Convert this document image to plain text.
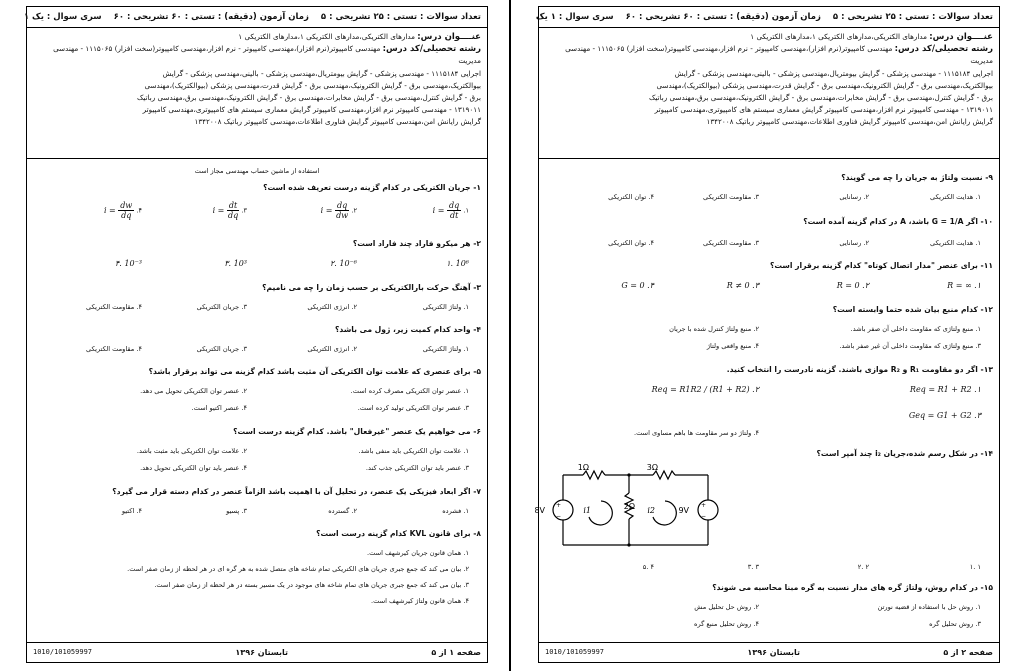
تعداد سوالات : تستی : ۲۵ تشریحی : ۵
زمان آزمون (دقیقه) : تستی : ۶۰ تشریحی : ۶۰
سری سوال : یک ۱
عنــــوان درس: مدارهای الکتریکی،مدارهای الکتریکی ۱،مدارهای الکتریکی ۱
رشته تحصیلی/کد درس: مهندسی کامپیوتر(نرم افزار)،مهندسی کامپیوتر - نرم افزار،مهندسی کامپیوتر(سخت افزار) ۱۱۱۵۰۶۵ - مهندسی مدیریت
اجرایی ۱۱۱۵۱۸۴ - مهندسی پزشکی - گرایش بیومتریال،مهندسی پزشکی - بالینی،مهندسی پزشکی - گرایش
بیوالکتریک،مهندسی برق - گرایش الکترونیک،مهندسی برق - گرایش قدرت،مهندسی پزشکی (بیوالکتریک)،مهندسی
برق - گرایش کنترل،مهندسی برق - گرایش مخابرات،مهندسی برق - گرایش الکترونیک،مهندسی برق،مهندسی رباتیک
۱۳۱۹۰۱۱ - مهندسی کامپیوتر نرم افزار،مهندسی کامپیوتر گرایش معماری سیستم های کامپیوتری،مهندسی کامپیوتر
گرایش رایانش امن،مهندسی کامپیوتر گرایش فناوری اطلاعات،مهندسی کامپیوتر رباتیک ۱۳۴۲۰۰۸
استفاده از ماشین حساب مهندسی مجاز است
۱- جریان الکتریکی در کدام گزینه درست تعریف شده است؟
$i = \frac{dq}{dt}$ .۱
$i = \frac{dq}{dw}$ .۲
$i = \frac{dt}{dq}$ .۳
$i = \frac{dw}{dq}$ .۴
۲- هر میکرو فاراد چند فاراد است؟
10⁶ .۱
10⁻⁶ .۲
10³ .۳
10⁻³ .۴
۳- آهنگ حرکت بارالکتریکی بر حسب زمان را چه می نامیم؟
۱. ولتاژ الکتریکی
۲. انرژی الکتریکی
۳. جریان الکتریکی
۴. مقاومت الکتریکی
۴- واحد کدام کمیت زیر، ژول می باشد؟
۱. ولتاژ الکتریکی
۲. انرژی الکتریکی
۳. جریان الکتریکی
۴. مقاومت الکتریکی
۵- برای عنصری که علامت توان الکتریکی آن مثبت باشد کدام گزینه می تواند برقرار باشد؟
۱. عنصر توان الکتریکی مصرف کرده است.
۲. عنصر توان الکتریکی تحویل می دهد.
۳. عنصر توان الکتریکی تولید کرده است.
۴. عنصر اکتیو است.
۶- می خواهیم یک عنصر "غیرفعال" باشد. کدام گزینه درست است؟
۱. علامت توان الکتریکی باید منفی باشد.
۲. علامت توان الکتریکی باید مثبت باشد.
۳. عنصر باید توان الکتریکی جذب کند.
۴. عنصر باید توان الکتریکی تحویل دهد.
۷- اگر ابعاد فیزیکی یک عنصر، در تحلیل آن با اهمیت باشد الزاماً عنصر در کدام دسته قرار می گیرد؟
۱. فشرده
۲. گسترده
۳. پسیو
۴. اکتیو
۸- برای قانون KVL کدام گزینه درست است؟
۱. همان قانون جریان کیرشهف است.
۲. بیان می کند که جمع جبری جریان های الکتریکی تمام شاخه های متصل شده به هر گره ای در هر لحظه از زمان صفر است.
۳. بیان می کند که جمع جبری جریان های تمام شاخه های موجود در یک مسیر بسته در هر لحظه از زمان صفر است.
۴. همان قانون ولتاژ کیرشهف است.
صفحه ۱ از ۵
تابستان ۱۳۹۶
1010/101059997
تعداد سوالات : تستی : ۲۵ تشریحی : ۵
زمان آزمون (دقیقه) : تستی : ۶۰ تشریحی : ۶۰
سری سوال : ۱ یک
عنــــوان درس: مدارهای الکتریکی،مدارهای الکتریکی ۱،مدارهای الکتریکی ۱
رشته تحصیلی/کد درس: مهندسی کامپیوتر(نرم افزار)،مهندسی کامپیوتر - نرم افزار،مهندسی کامپیوتر(سخت افزار) ۱۱۱۵۰۶۵ - مهندسی مدیریت
اجرایی ۱۱۱۵۱۸۴ - مهندسی پزشکی - گرایش بیومتریال،مهندسی پزشکی - بالینی،مهندسی پزشکی - گرایش
بیوالکتریک،مهندسی برق - گرایش الکترونیک،مهندسی برق - گرایش قدرت،مهندسی پزشکی (بیوالکتریک)،مهندسی
برق - گرایش کنترل،مهندسی برق - گرایش مخابرات،مهندسی برق - گرایش الکترونیک،مهندسی برق،مهندسی رباتیک
۱۳۱۹۰۱۱ - مهندسی کامپیوتر نرم افزار،مهندسی کامپیوتر گرایش معماری سیستم های کامپیوتری،مهندسی کامپیوتر
گرایش رایانش امن،مهندسی کامپیوتر گرایش فناوری اطلاعات،مهندسی کامپیوتر رباتیک ۱۳۴۲۰۰۸
۹- نسبت ولتاژ به جریان را چه می گویند؟
۱. هدایت الکتریکی
۲. رسانایی
۳. مقاومت الکتریکی
۴. توان الکتریکی
۱۰- اگر G = 1/A باشد، A در کدام گزینه آمده است؟
۱. هدایت الکتریکی
۲. رسانایی
۳. مقاومت الکتریکی
۴. توان الکتریکی
۱۱- برای عنصر "مدار اتصال کوتاه" کدام گزینه برقرار است؟
R = ∞ .۱
R = 0 .۲
R ≠ 0 .۳
G = 0 .۴
۱۲- کدام منبع بیان شده حتما وابسته است؟
۱. منبع ولتاژی که مقاومت داخلی آن صفر باشد.
۲. منبع ولتاژ کنترل شده با جریان
۳. منبع ولتاژی که مقاومت داخلی آن غیر صفر باشد.
۴. منبع واقعی ولتاژ
۱۳- اگر دو مقاومت R₁ و R₂ موازی باشند. گزینه نادرست را انتخاب کنید.
Req = R1 + R2 .۱
Req = R1R2 / (R1 + R2) .۲
Geq = G1 + G2 .۳
۴. ولتاژ دو سر مقاومت ها باهم مساوی است.
۱۴- در شکل رسم شده،جریان i₂ چند آمپر است؟
+
−
+
−
1Ω	3Ω
2Ω
8V	9V
i1	i2
۱ .۱
۲ .۲
۳ .۳
۴ .۵
۱۵- در کدام روش، ولتاژ گره های مدار نسبت به گره مبنا محاسبه می شوند؟
۱. روش حل با استفاده از قضیه نورتن
۲. روش حل تحلیل مش
۳. روش تحلیل گره
۴. روش تحلیل منبع گره
صفحه ۲ از ۵
تابستان ۱۳۹۶
1010/101059997
